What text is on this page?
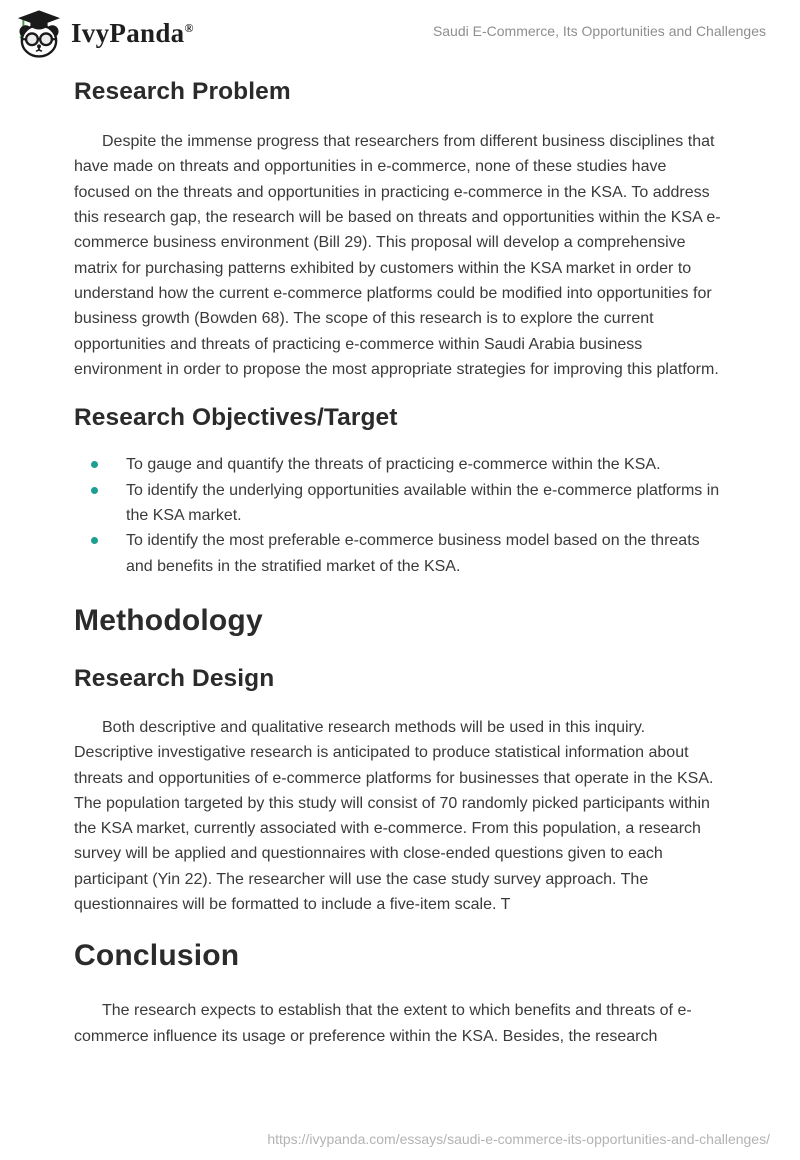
IvyPanda®	Saudi E-Commerce, Its Opportunities and Challenges
Research Problem

Despite the immense progress that researchers from different business disciplines that have made on threats and opportunities in e-commerce, none of these studies have focused on the threats and opportunities in practicing e-commerce in the KSA. To address this research gap, the research will be based on threats and opportunities within the KSA e-commerce business environment (Bill 29). This proposal will develop a comprehensive matrix for purchasing patterns exhibited by customers within the KSA market in order to understand how the current e-commerce platforms could be modified into opportunities for business growth (Bowden 68). The scope of this research is to explore the current opportunities and threats of practicing e-commerce within Saudi Arabia business environment in order to propose the most appropriate strategies for improving this platform.

Research Objectives/Target
To gauge and quantify the threats of practicing e-commerce within the KSA.
To identify the underlying opportunities available within the e-commerce platforms in the KSA market.
To identify the most preferable e-commerce business model based on the threats and benefits in the stratified market of the KSA.
Methodology
Research Design

Both descriptive and qualitative research methods will be used in this inquiry. Descriptive investigative research is anticipated to produce statistical information about threats and opportunities of e-commerce platforms for businesses that operate in the KSA. The population targeted by this study will consist of 70 randomly picked participants within the KSA market, currently associated with e-commerce. From this population, a research survey will be applied and questionnaires with close-ended questions given to each participant (Yin 22). The researcher will use the case study survey approach. The questionnaires will be formatted to include a five-item scale. T

Conclusion

The research expects to establish that the extent to which benefits and threats of e-commerce influence its usage or preference within the KSA. Besides, the research

https://ivypanda.com/essays/saudi-e-commerce-its-opportunities-and-challenges/
